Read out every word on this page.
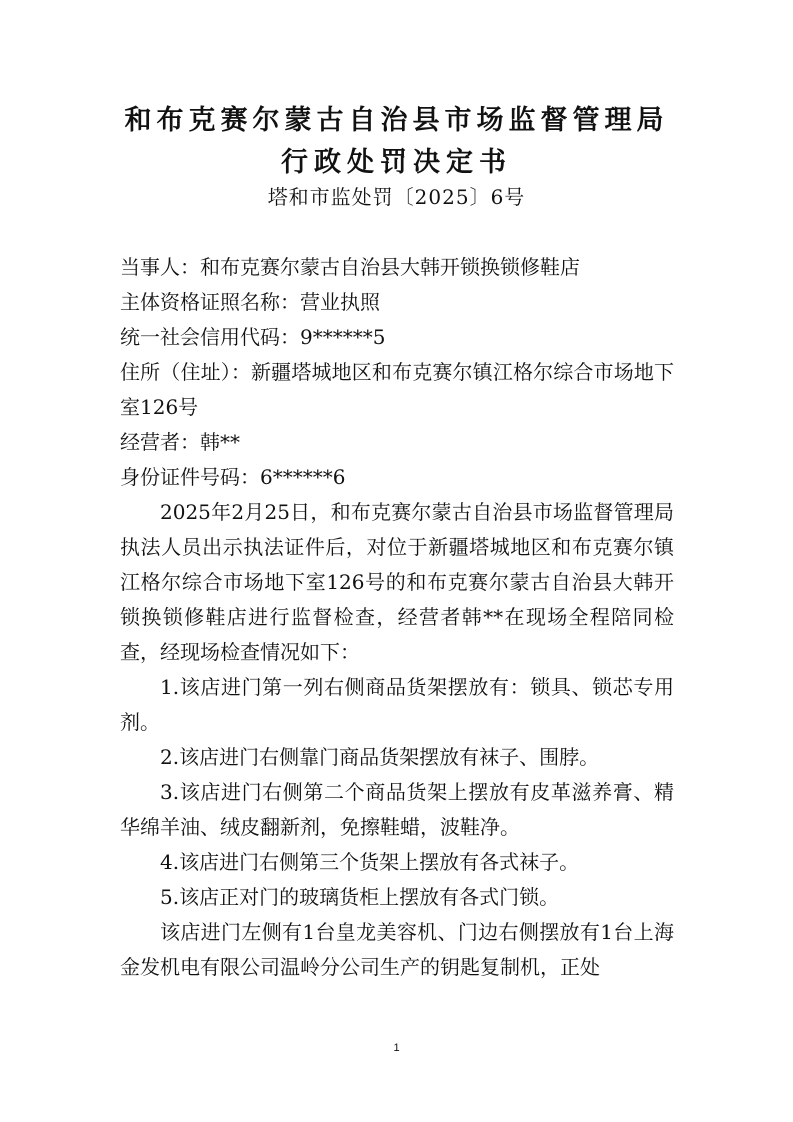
和布克赛尔蒙古自治县市场监督管理局
行政处罚决定书
塔和市监处罚〔2025〕6号

当事人：和布克赛尔蒙古自治县大韩开锁换锁修鞋店

主体资格证照名称：营业执照

统一社会信用代码：9******5

住所（住址）：新疆塔城地区和布克赛尔镇江格尔综合市场地下室126号

经营者：韩**

身份证件号码：6******6

2025年2月25日，和布克赛尔蒙古自治县市场监督管理局执法人员出示执法证件后，对位于新疆塔城地区和布克赛尔镇江格尔综合市场地下室126号的和布克赛尔蒙古自治县大韩开锁换锁修鞋店进行监督检查，经营者韩**在现场全程陪同检查，经现场检查情况如下：

1.该店进门第一列右侧商品货架摆放有：锁具、锁芯专用剂。

2.该店进门右侧靠门商品货架摆放有袜子、围脖。

3.该店进门右侧第二个商品货架上摆放有皮革滋养膏、精华绵羊油、绒皮翻新剂，免擦鞋蜡，波鞋净。

4.该店进门右侧第三个货架上摆放有各式袜子。

5.该店正对门的玻璃货柜上摆放有各式门锁。

该店进门左侧有1台皇龙美容机、门边右侧摆放有1台上海金发机电有限公司温岭分公司生产的钥匙复制机，正处

1
